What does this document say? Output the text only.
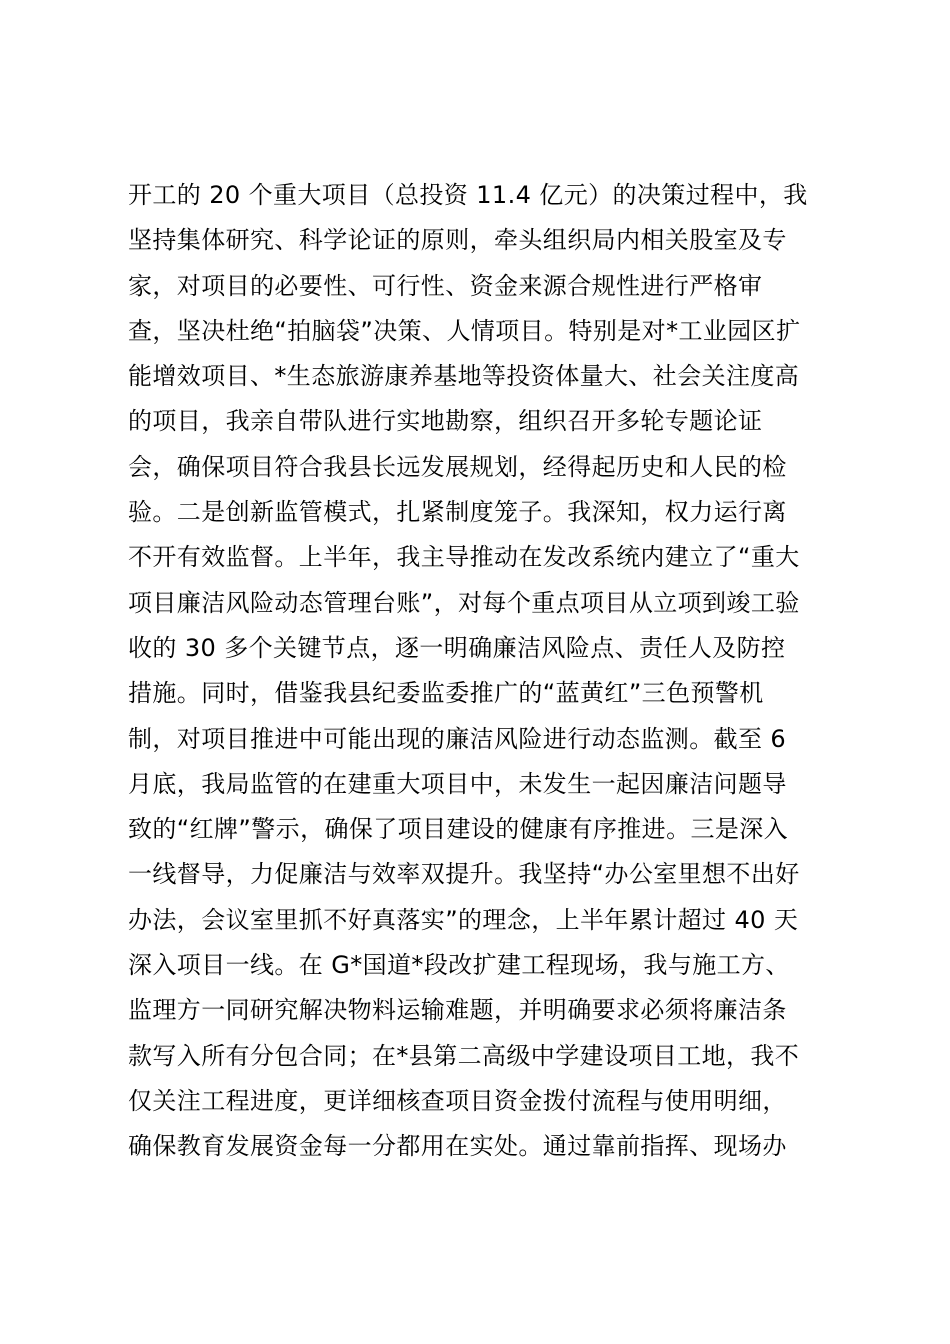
开工的 20 个重大项目（总投资 11.4 亿元）的决策过程中，我
坚持集体研究、科学论证的原则，牵头组织局内相关股室及专
家，对项目的必要性、可行性、资金来源合规性进行严格审
查，坚决杜绝“拍脑袋”决策、人情项目。特别是对*工业园区扩
能增效项目、*生态旅游康养基地等投资体量大、社会关注度高
的项目，我亲自带队进行实地勘察，组织召开多轮专题论证
会，确保项目符合我县长远发展规划，经得起历史和人民的检
验。二是创新监管模式，扎紧制度笼子。我深知，权力运行离
不开有效监督。上半年，我主导推动在发改系统内建立了“重大
项目廉洁风险动态管理台账”，对每个重点项目从立项到竣工验
收的 30 多个关键节点，逐一明确廉洁风险点、责任人及防控
措施。同时，借鉴我县纪委监委推广的“蓝黄红”三色预警机
制，对项目推进中可能出现的廉洁风险进行动态监测。截至 6
月底，我局监管的在建重大项目中，未发生一起因廉洁问题导
致的“红牌”警示，确保了项目建设的健康有序推进。三是深入
一线督导，力促廉洁与效率双提升。我坚持“办公室里想不出好
办法，会议室里抓不好真落实”的理念，上半年累计超过 40 天
深入项目一线。在 G*国道*段改扩建工程现场，我与施工方、
监理方一同研究解决物料运输难题，并明确要求必须将廉洁条
款写入所有分包合同；在*县第二高级中学建设项目工地，我不
仅关注工程进度，更详细核查项目资金拨付流程与使用明细，
确保教育发展资金每一分都用在实处。通过靠前指挥、现场办
